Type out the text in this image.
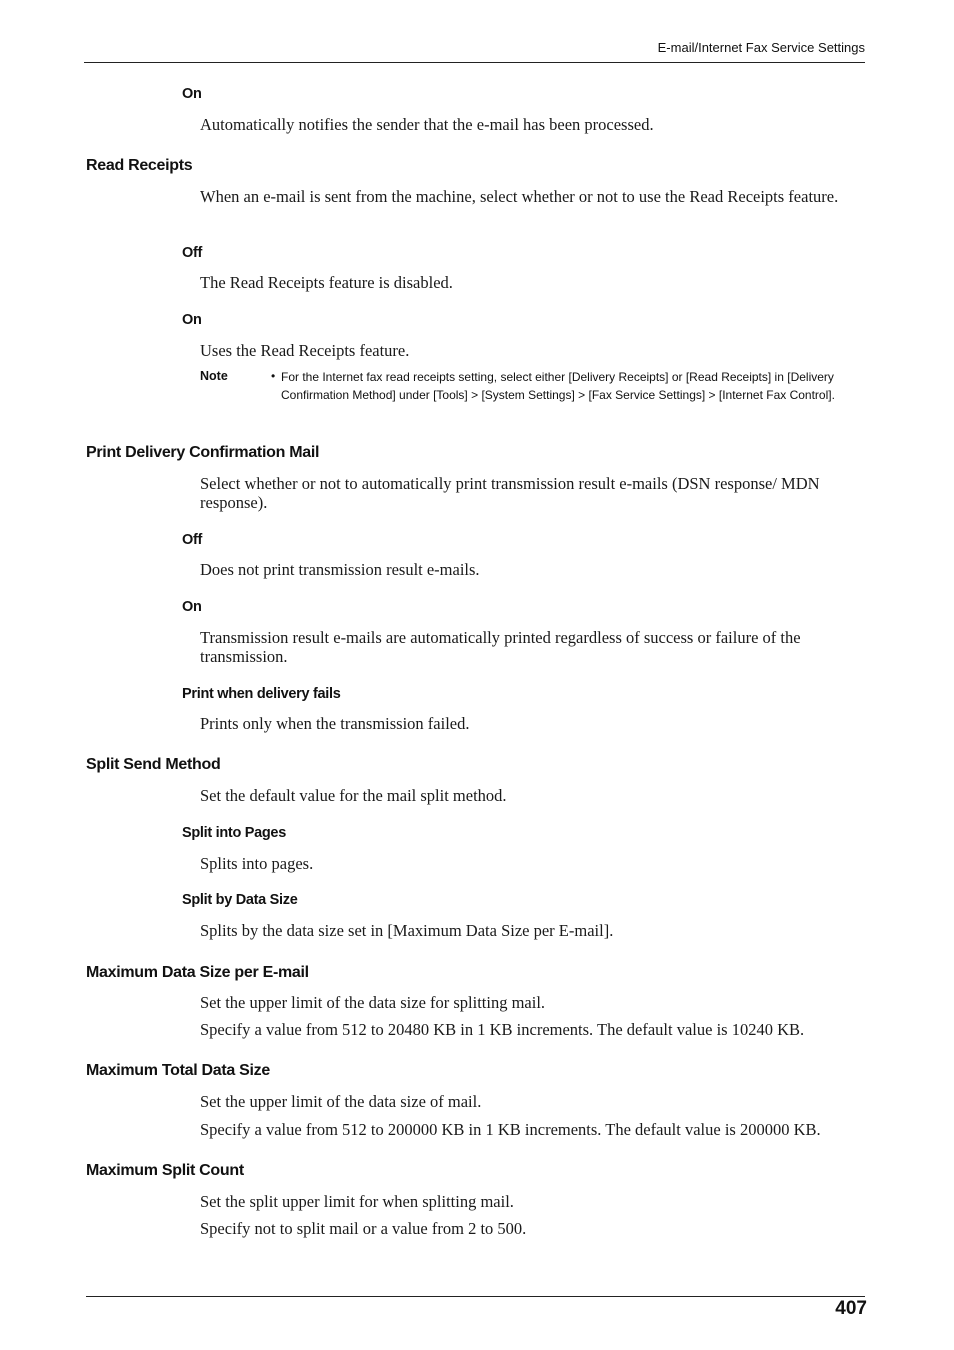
E-mail/Internet Fax Service Settings
On
Automatically notifies the sender that the e-mail has been processed.
Read Receipts
When an e-mail is sent from the machine, select whether or not to use the Read Receipts feature.
Off
The Read Receipts feature is disabled.
On
Uses the Read Receipts feature.
Note	• For the Internet fax read receipts setting, select either [Delivery Receipts] or [Read Receipts] in [Delivery Confirmation Method] under [Tools] > [System Settings] > [Fax Service Settings] > [Internet Fax Control].
Print Delivery Confirmation Mail
Select whether or not to automatically print transmission result e-mails (DSN response/ MDN response).
Off
Does not print transmission result e-mails.
On
Transmission result e-mails are automatically printed regardless of success or failure of the transmission.
Print when delivery fails
Prints only when the transmission failed.
Split Send Method
Set the default value for the mail split method.
Split into Pages
Splits into pages.
Split by Data Size
Splits by the data size set in [Maximum Data Size per E-mail].
Maximum Data Size per E-mail
Set the upper limit of the data size for splitting mail.
Specify a value from 512 to 20480 KB in 1 KB increments. The default value is 10240 KB.
Maximum Total Data Size
Set the upper limit of the data size of mail.
Specify a value from 512 to 200000 KB in 1 KB increments. The default value is 200000 KB.
Maximum Split Count
Set the split upper limit for when splitting mail.
Specify not to split mail or a value from 2 to 500.
407
